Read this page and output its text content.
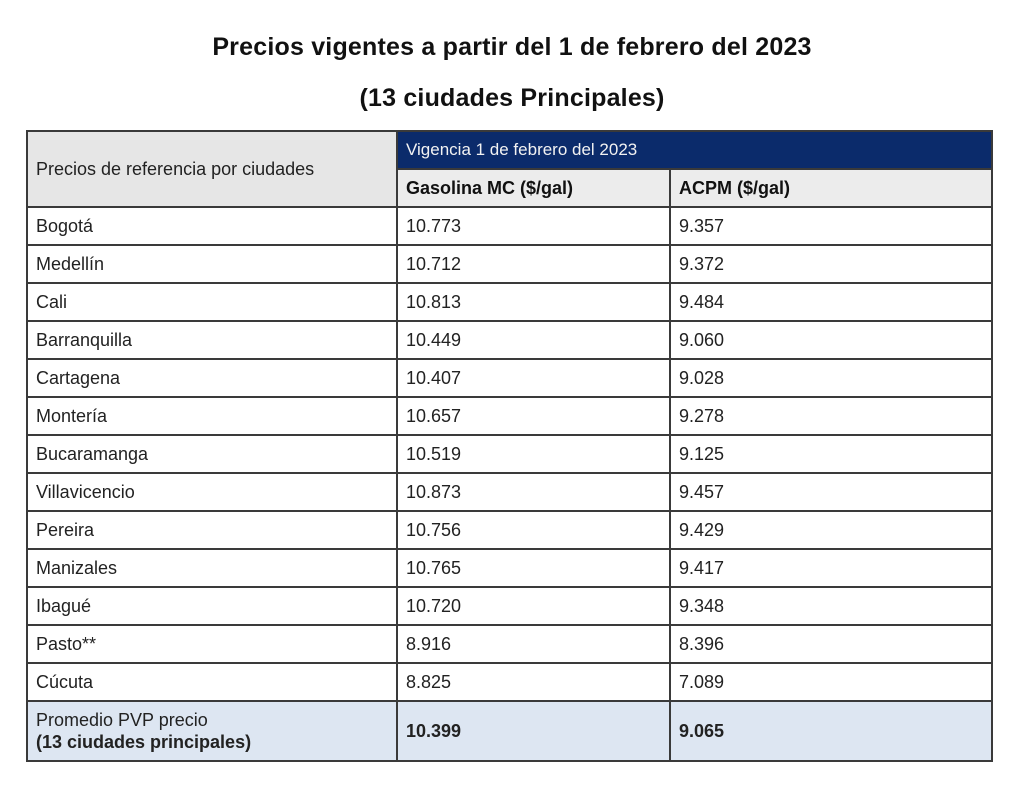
Precios vigentes a partir del 1 de febrero del 2023
(13 ciudades Principales)
Precios de referencia por ciudades	Vigencia 1 de febrero del 2023	
	Gasolina MC ($/gal)	ACPM ($/gal)
Bogotá	10.773	9.357
Medellín	10.712	9.372
Cali	10.813	9.484
Barranquilla	10.449	9.060
Cartagena	10.407	9.028
Montería	10.657	9.278
Bucaramanga	10.519	9.125
Villavicencio	10.873	9.457
Pereira	10.756	9.429
Manizales	10.765	9.417
Ibagué	10.720	9.348
Pasto**	8.916	8.396
Cúcuta	8.825	7.089

Promedio PVP precio
(13 ciudades principales)	10.399	9.065
